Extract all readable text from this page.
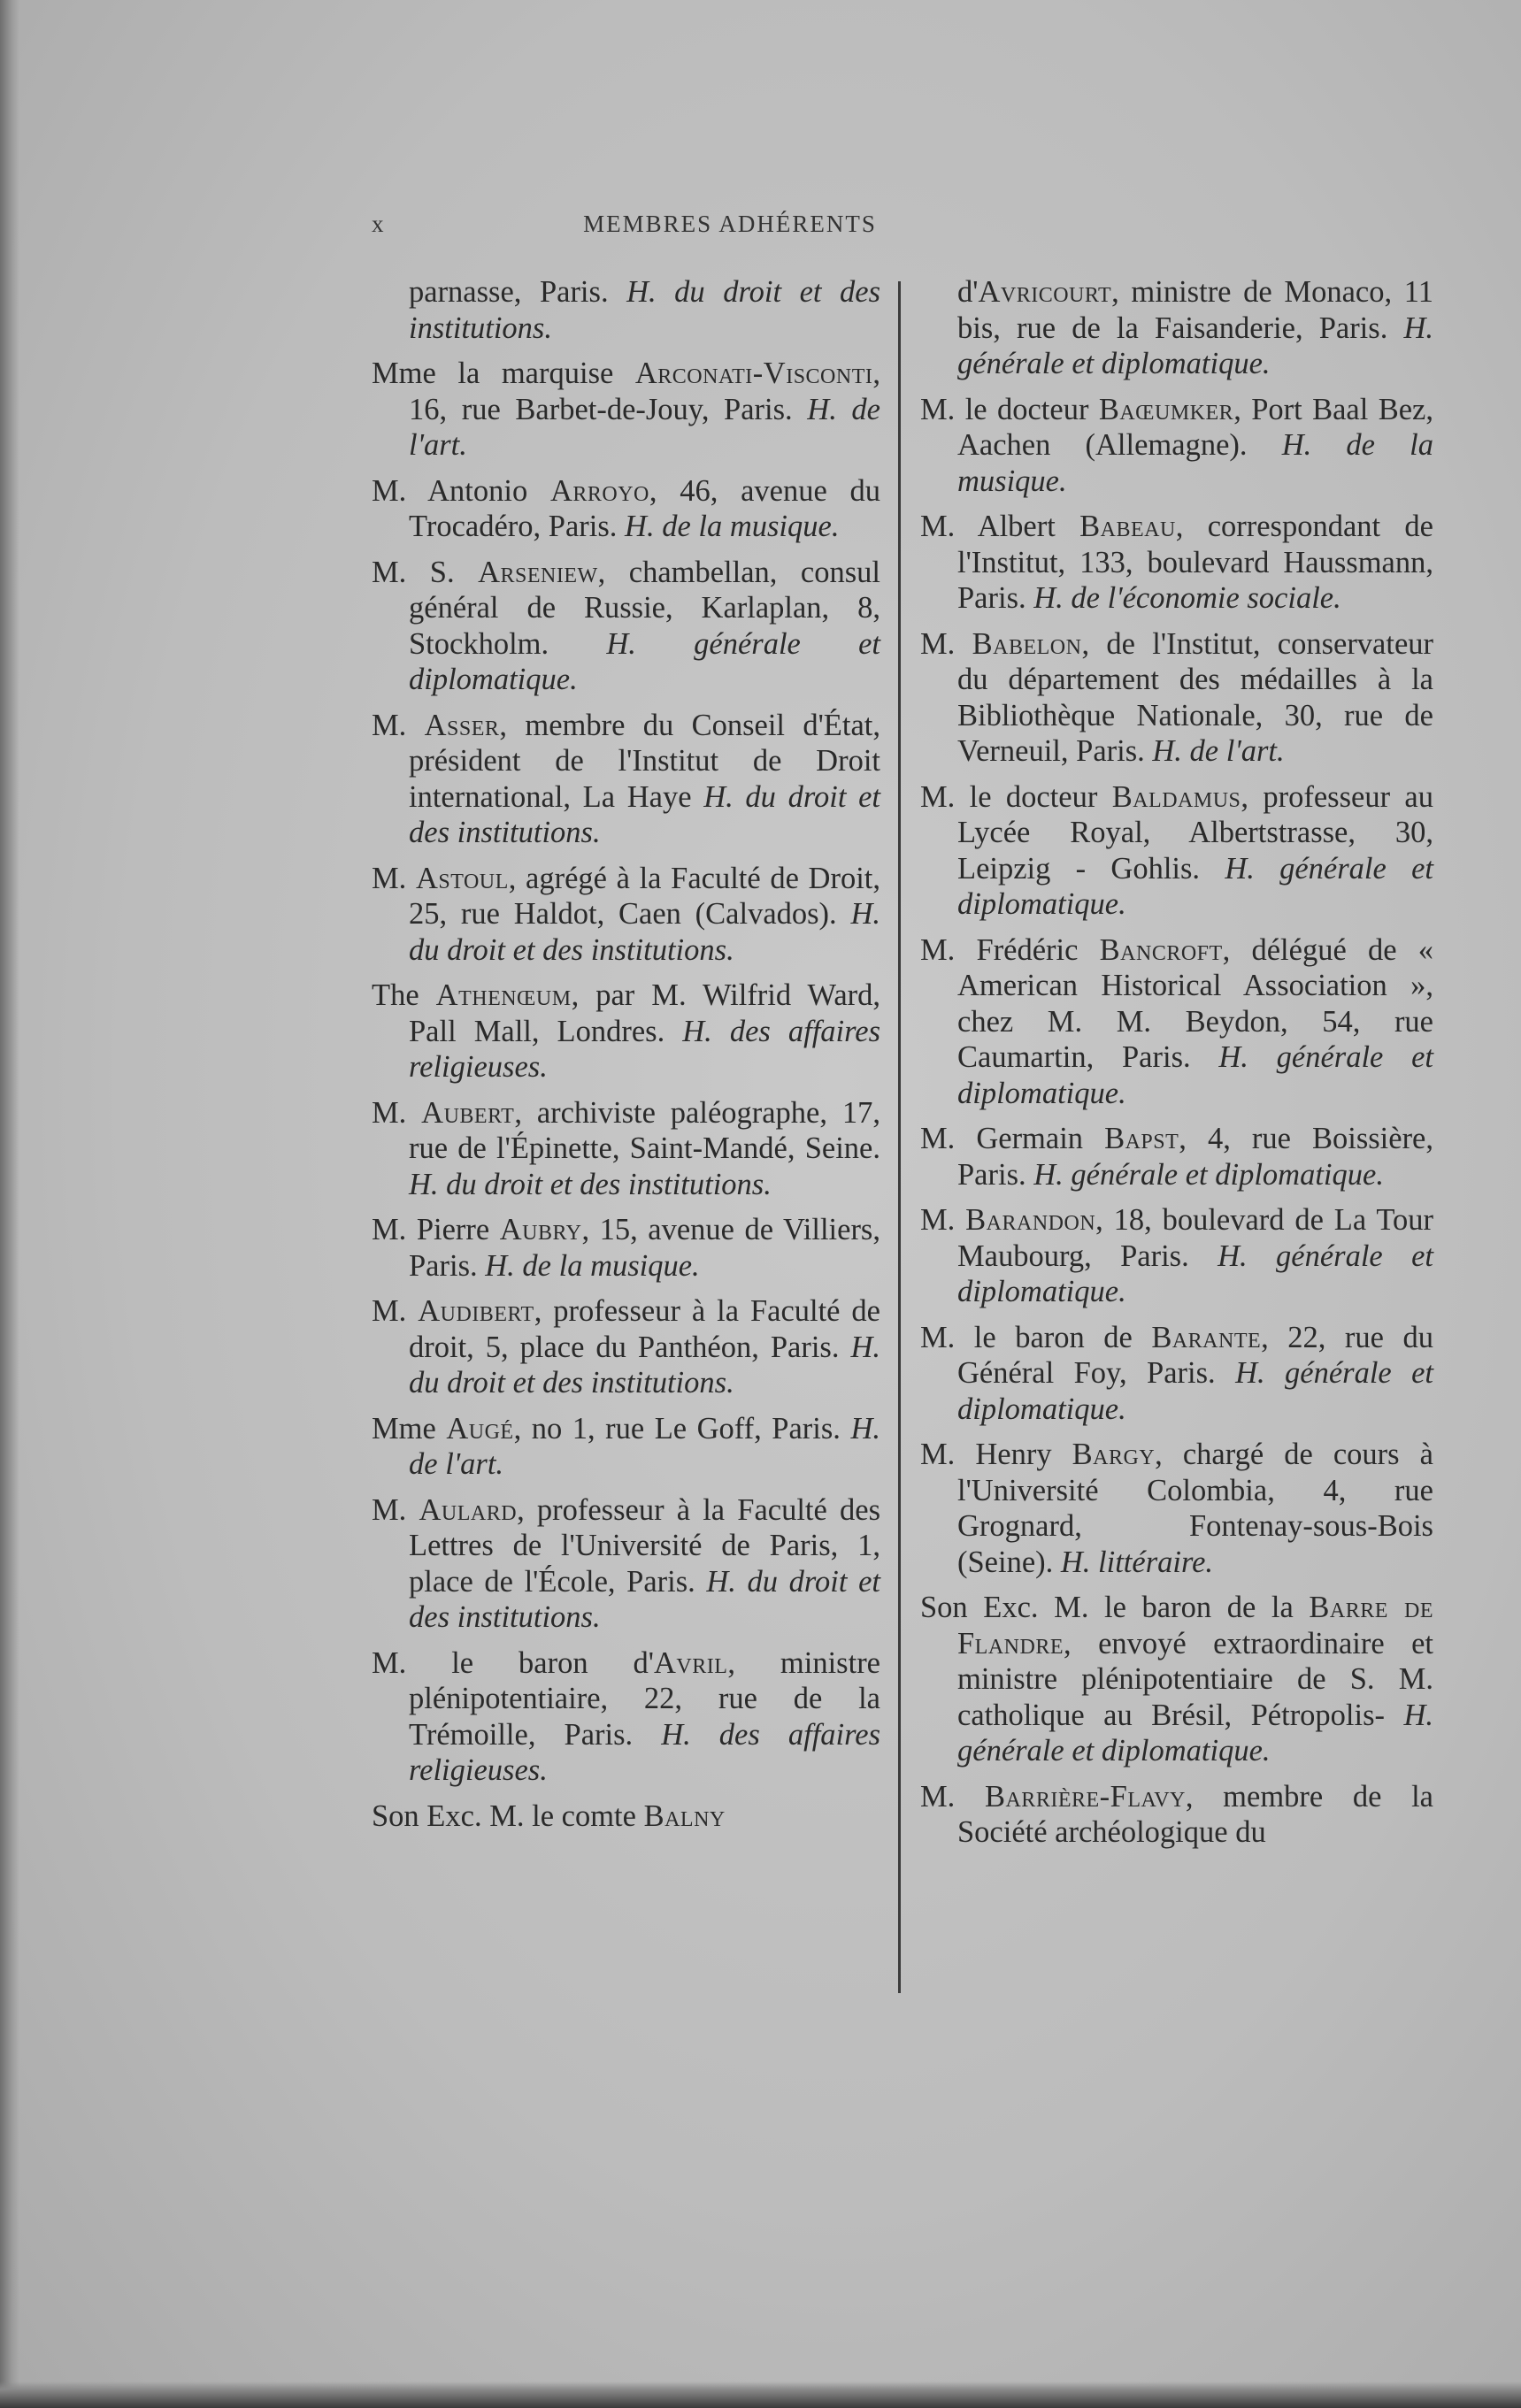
x	MEMBRES ADHÉRENTS

parnasse, Paris. H. du droit et des institutions.

Mme la marquise Arconati-Visconti, 16, rue Barbet-de-Jouy, Paris. H. de l'art.

M. Antonio Arroyo, 46, avenue du Trocadéro, Paris. H. de la musique.

M. S. Arseniew, chambellan, consul général de Russie, Karlaplan, 8, Stockholm. H. générale et diplomatique.

M. Asser, membre du Conseil d'État, président de l'Institut de Droit international, La Haye H. du droit et des institutions.

M. Astoul, agrégé à la Faculté de Droit, 25, rue Haldot, Caen (Calvados). H. du droit et des institutions.

The Athenœum, par M. Wilfrid Ward, Pall Mall, Londres. H. des affaires religieuses.

M. Aubert, archiviste paléographe, 17, rue de l'Épinette, Saint-Mandé, Seine. H. du droit et des institutions.

M. Pierre Aubry, 15, avenue de Villiers, Paris. H. de la musique.

M. Audibert, professeur à la Faculté de droit, 5, place du Panthéon, Paris. H. du droit et des institutions.

Mme Augé, no 1, rue Le Goff, Paris. H. de l'art.

M. Aulard, professeur à la Faculté des Lettres de l'Université de Paris, 1, place de l'École, Paris. H. du droit et des institutions.

M. le baron d'Avril, ministre plénipotentiaire, 22, rue de la Trémoille, Paris. H. des affaires religieuses.

Son Exc. M. le comte Balny

d'Avricourt, ministre de Monaco, 11 bis, rue de la Faisanderie, Paris. H. générale et diplomatique.

M. le docteur Baœumker, Port Baal Bez, Aachen (Allemagne). H. de la musique.

M. Albert Babeau, correspondant de l'Institut, 133, boulevard Haussmann, Paris. H. de l'économie sociale.

M. Babelon, de l'Institut, conservateur du département des médailles à la Bibliothèque Nationale, 30, rue de Verneuil, Paris. H. de l'art.

M. le docteur Baldamus, professeur au Lycée Royal, Albertstrasse, 30, Leipzig - Gohlis. H. générale et diplomatique.

M. Frédéric Bancroft, délégué de « American Historical Association », chez M. M. Beydon, 54, rue Caumartin, Paris. H. générale et diplomatique.

M. Germain Bapst, 4, rue Boissière, Paris. H. générale et diplomatique.

M. Barandon, 18, boulevard de La Tour Maubourg, Paris. H. générale et diplomatique.

M. le baron de Barante, 22, rue du Général Foy, Paris. H. générale et diplomatique.

M. Henry Bargy, chargé de cours à l'Université Colombia, 4, rue Grognard, Fontenay-sous-Bois (Seine). H. littéraire.

Son Exc. M. le baron de la Barre de Flandre, envoyé extraordinaire et ministre plénipotentiaire de S. M. catholique au Brésil, Pétropolis- H. générale et diplomatique.

M. Barrière-Flavy, membre de la Société archéologique du
